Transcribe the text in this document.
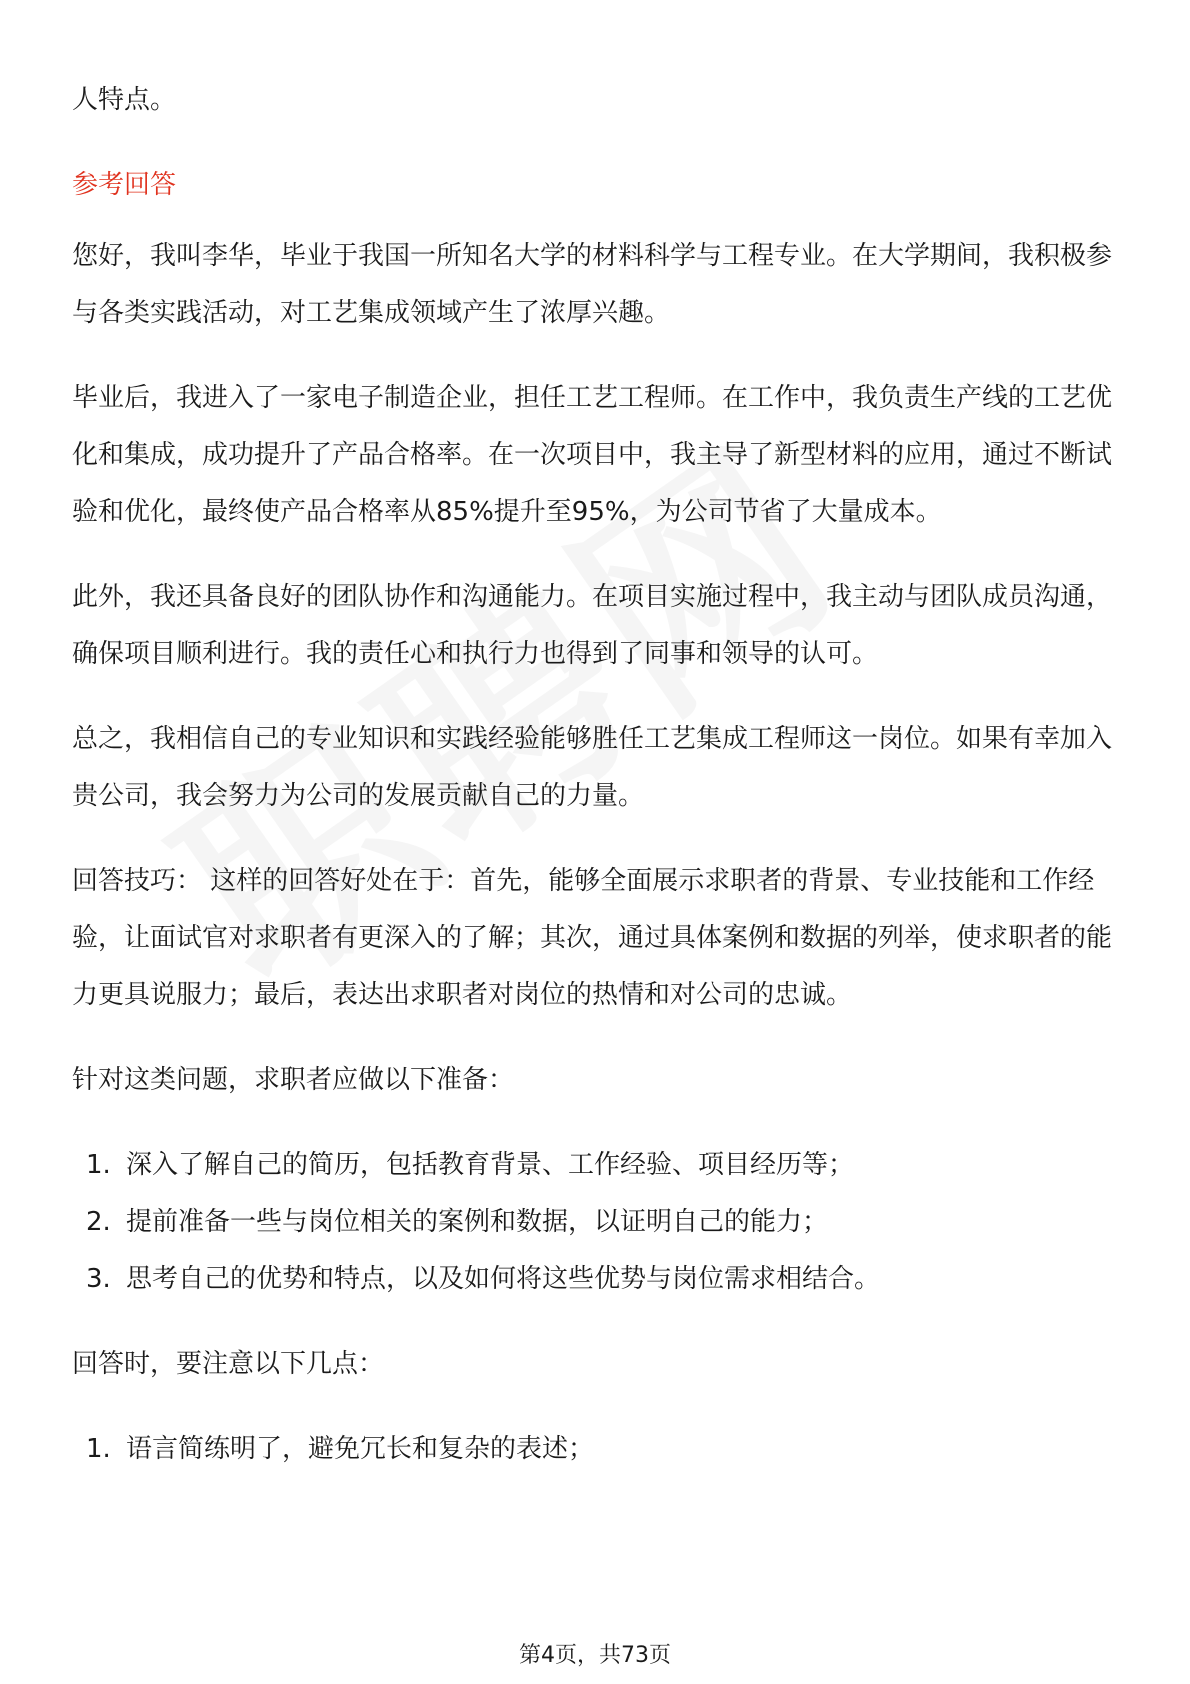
人特点。

参考回答

您好，我叫李华，毕业于我国一所知名大学的材料科学与工程专业。在大学期间，我积极参与各类实践活动，对工艺集成领域产生了浓厚兴趣。

毕业后，我进入了一家电子制造企业，担任工艺工程师。在工作中，我负责生产线的工艺优化和集成，成功提升了产品合格率。在一次项目中，我主导了新型材料的应用，通过不断试验和优化，最终使产品合格率从85%提升至95%，为公司节省了大量成本。

此外，我还具备良好的团队协作和沟通能力。在项目实施过程中，我主动与团队成员沟通，确保项目顺利进行。我的责任心和执行力也得到了同事和领导的认可。

总之，我相信自己的专业知识和实践经验能够胜任工艺集成工程师这一岗位。如果有幸加入贵公司，我会努力为公司的发展贡献自己的力量。

回答技巧： 这样的回答好处在于：首先，能够全面展示求职者的背景、专业技能和工作经验，让面试官对求职者有更深入的了解；其次，通过具体案例和数据的列举，使求职者的能力更具说服力；最后，表达出求职者对岗位的热情和对公司的忠诚。

针对这类问题，求职者应做以下准备：

1. 深入了解自己的简历，包括教育背景、工作经验、项目经历等；
2. 提前准备一些与岗位相关的案例和数据，以证明自己的能力；
3. 思考自己的优势和特点，以及如何将这些优势与岗位需求相结合。

回答时，要注意以下几点：

1. 语言简练明了，避免冗长和复杂的表述；
第4页，共73页
